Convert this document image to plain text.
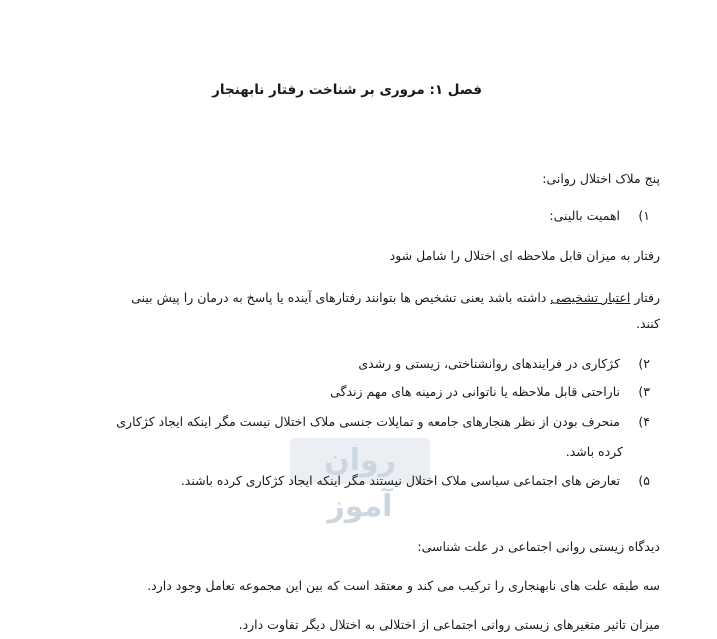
فصل ۱: مروری بر شناخت رفتار نابهنجار
پنج ملاک اختلال روانی:
۱) اهمیت بالینی:
رفتار به میزان قابل ملاحظه ای اختلال را شامل شود
رفتار اعتبار تشخیصی داشته باشد یعنی تشخیص ها بتوانند رفتارهای آینده یا پاسخ به درمان را پیش بینی
کنند.
۲) کژکاری در فرایندهای روانشناختی، زیستی و رشدی
۳) ناراحتی قابل ملاحظه یا ناتوانی در زمینه های مهم زندگی
۴) منحرف بودن از نظر هنجارهای جامعه و تمایلات جنسی ملاک اختلال نیست مگر اینکه ایجاد کژکاری
کرده باشد.
روان آموز
۵) تعارض های اجتماعی سیاسی ملاک اختلال نیستند مگر اینکه ایجاد کژکاری کرده باشند.
دیدگاه زیستی روانی اجتماعی در علت شناسی:
سه طبقه علت های نابهنجاری را ترکیب می کند و معتقد است که بین این مجموعه تعامل وجود دارد.
میزان تاثیر متغیرهای زیستی روانی اجتماعی از اختلالی به اختلال دیگر تفاوت دارد.
